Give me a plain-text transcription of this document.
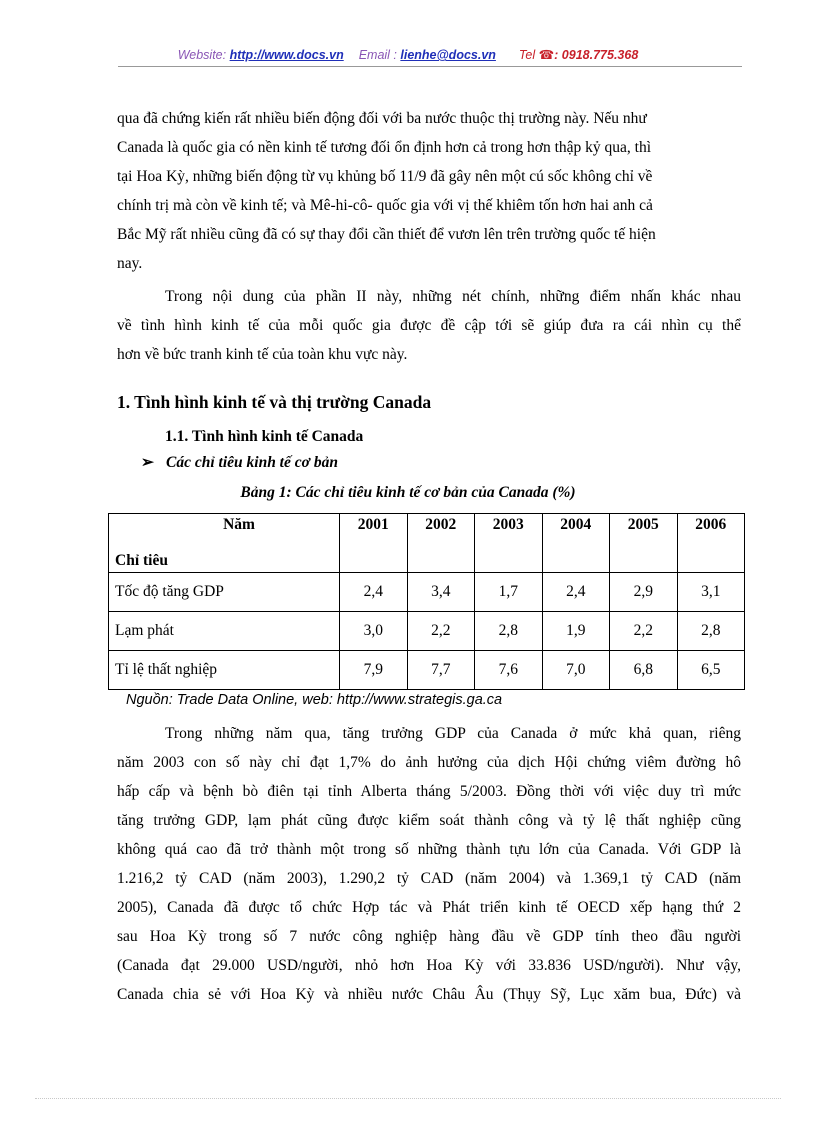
Website: http://www.docs.vn Email : lienhe@docs.vn Tel ☎: 0918.775.368
qua đã chứng kiến rất nhiều biến động đối với ba nước thuộc thị trường này. Nếu như
Canada là quốc gia có nền kinh tế tương đối ổn định hơn cả trong hơn thập kỷ qua, thì
tại Hoa Kỳ, những biến động từ vụ khủng bố 11/9 đã gây nên một cú sốc không chỉ về
chính trị mà còn về kinh tế; và Mê-hi-cô- quốc gia với vị thế khiêm tốn hơn hai anh cả
Bắc Mỹ rất nhiều cũng đã có sự thay đổi cần thiết để vươn lên trên trường quốc tế hiện
nay.
Trong nội dung của phần II này, những nét chính, những điểm nhấn khác nhau
về tình hình kinh tế của mỗi quốc gia được đề cập tới sẽ giúp đưa ra cái nhìn cụ thể
hơn về bức tranh kinh tế của toàn khu vực này.
1. Tình hình kinh tế và thị trường Canada
1.1. Tình hình kinh tế Canada
➢ Các chỉ tiêu kinh tế cơ bản
Bảng 1: Các chỉ tiêu kinh tế cơ bản của Canada (%)
Năm
Chỉ tiêu	2001	2002	2003	2004	2005	2006
Tốc độ tăng GDP	2,4	3,4	1,7	2,4	2,9	3,1
Lạm phát	3,0	2,2	2,8	1,9	2,2	2,8
Tỉ lệ thất nghiệp	7,9	7,7	7,6	7,0	6,8	6,5
Nguồn: Trade Data Online, web: http://www.strategis.ga.ca
Trong những năm qua, tăng trưởng GDP của Canada ở mức khả quan, riêng
năm 2003 con số này chỉ đạt 1,7% do ảnh hưởng của dịch Hội chứng viêm đường hô
hấp cấp và bệnh bò điên tại tỉnh Alberta tháng 5/2003. Đồng thời với việc duy trì mức
tăng trưởng GDP, lạm phát cũng được kiểm soát thành công và tỷ lệ thất nghiệp cũng
không quá cao đã trở thành một trong số những thành tựu lớn của Canada. Với GDP là
1.216,2 tỷ CAD (năm 2003), 1.290,2 tỷ CAD (năm 2004) và 1.369,1 tỷ CAD (năm
2005), Canada đã được tổ chức Hợp tác và Phát triển kinh tế OECD xếp hạng thứ 2
sau Hoa Kỳ trong số 7 nước công nghiệp hàng đầu về GDP tính theo đầu người
(Canada đạt 29.000 USD/người, nhỏ hơn Hoa Kỳ với 33.836 USD/người). Như vậy,
Canada chia sẻ với Hoa Kỳ và nhiều nước Châu Âu (Thụy Sỹ, Lục xăm bua, Đức) và
